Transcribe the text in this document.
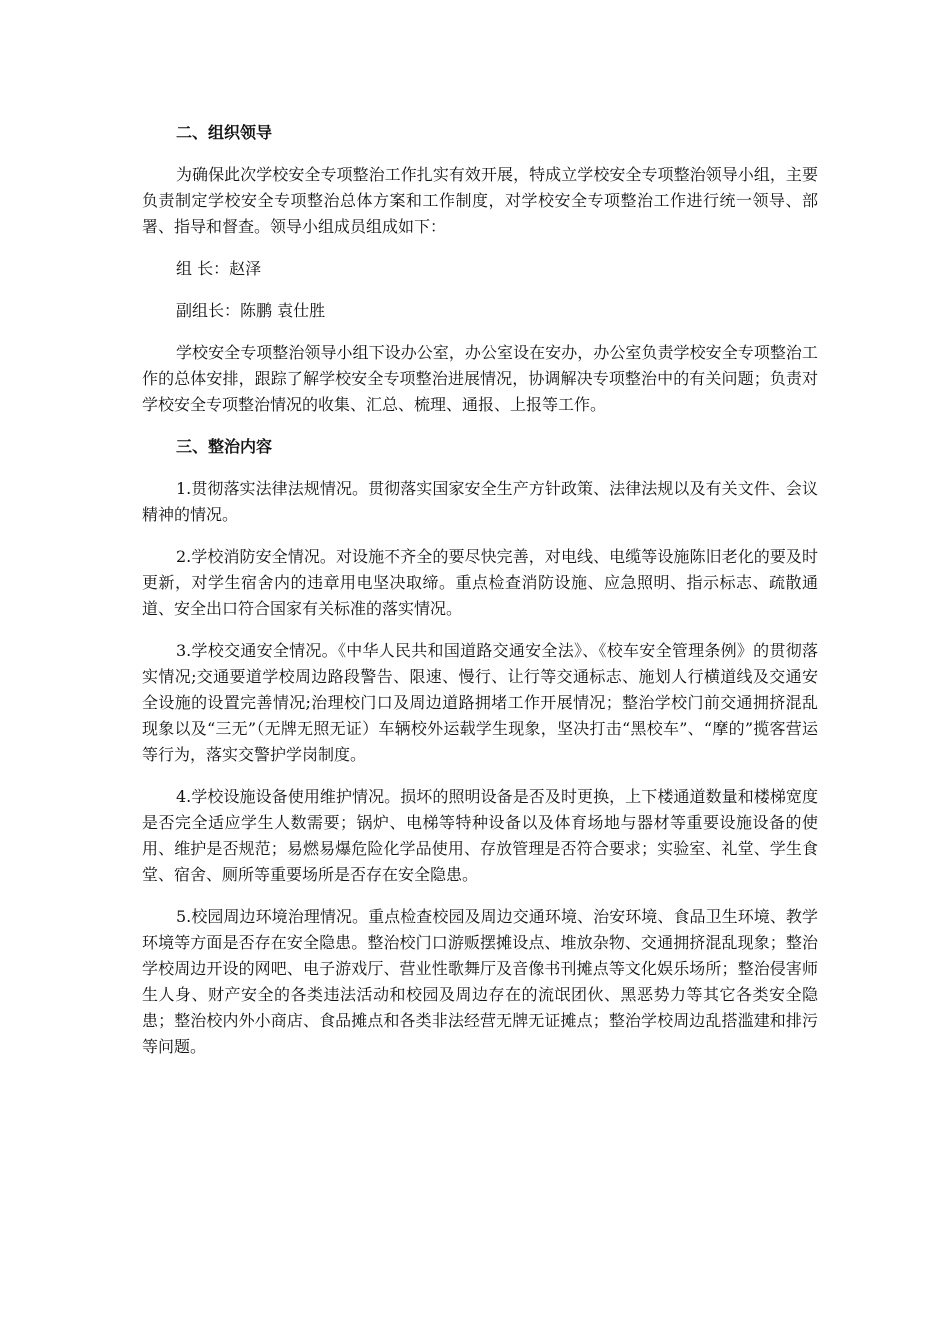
二、组织领导

为确保此次学校安全专项整治工作扎实有效开展，特成立学校安全专项整治领导小组，主要负责制定学校安全专项整治总体方案和工作制度，对学校安全专项整治工作进行统一领导、部署、指导和督查。领导小组成员组成如下：

组 长：赵泽

副组长：陈鹏 袁仕胜

学校安全专项整治领导小组下设办公室，办公室设在安办，办公室负责学校安全专项整治工作的总体安排，跟踪了解学校安全专项整治进展情况，协调解决专项整治中的有关问题；负责对学校安全专项整治情况的收集、汇总、梳理、通报、上报等工作。

三、整治内容

1.贯彻落实法律法规情况。贯彻落实国家安全生产方针政策、法律法规以及有关文件、会议精神的情况。

2.学校消防安全情况。对设施不齐全的要尽快完善，对电线、电缆等设施陈旧老化的要及时更新，对学生宿舍内的违章用电坚决取缔。重点检查消防设施、应急照明、指示标志、疏散通道、安全出口符合国家有关标准的落实情况。

3.学校交通安全情况。《中华人民共和国道路交通安全法》、《校车安全管理条例》的贯彻落实情况;交通要道学校周边路段警告、限速、慢行、让行等交通标志、施划人行横道线及交通安全设施的设置完善情况;治理校门口及周边道路拥堵工作开展情况；整治学校门前交通拥挤混乱现象以及“三无”（无牌无照无证）车辆校外运载学生现象，坚决打击“黑校车”、“摩的”揽客营运等行为，落实交警护学岗制度。

4.学校设施设备使用维护情况。损坏的照明设备是否及时更换，上下楼通道数量和楼梯宽度是否完全适应学生人数需要；锅炉、电梯等特种设备以及体育场地与器材等重要设施设备的使用、维护是否规范；易燃易爆危险化学品使用、存放管理是否符合要求；实验室、礼堂、学生食堂、宿舍、厕所等重要场所是否存在安全隐患。

5.校园周边环境治理情况。重点检查校园及周边交通环境、治安环境、食品卫生环境、教学环境等方面是否存在安全隐患。整治校门口游贩摆摊设点、堆放杂物、交通拥挤混乱现象；整治学校周边开设的网吧、电子游戏厅、营业性歌舞厅及音像书刊摊点等文化娱乐场所；整治侵害师生人身、财产安全的各类违法活动和校园及周边存在的流氓团伙、黑恶势力等其它各类安全隐患；整治校内外小商店、食品摊点和各类非法经营无牌无证摊点；整治学校周边乱搭滥建和排污等问题。
